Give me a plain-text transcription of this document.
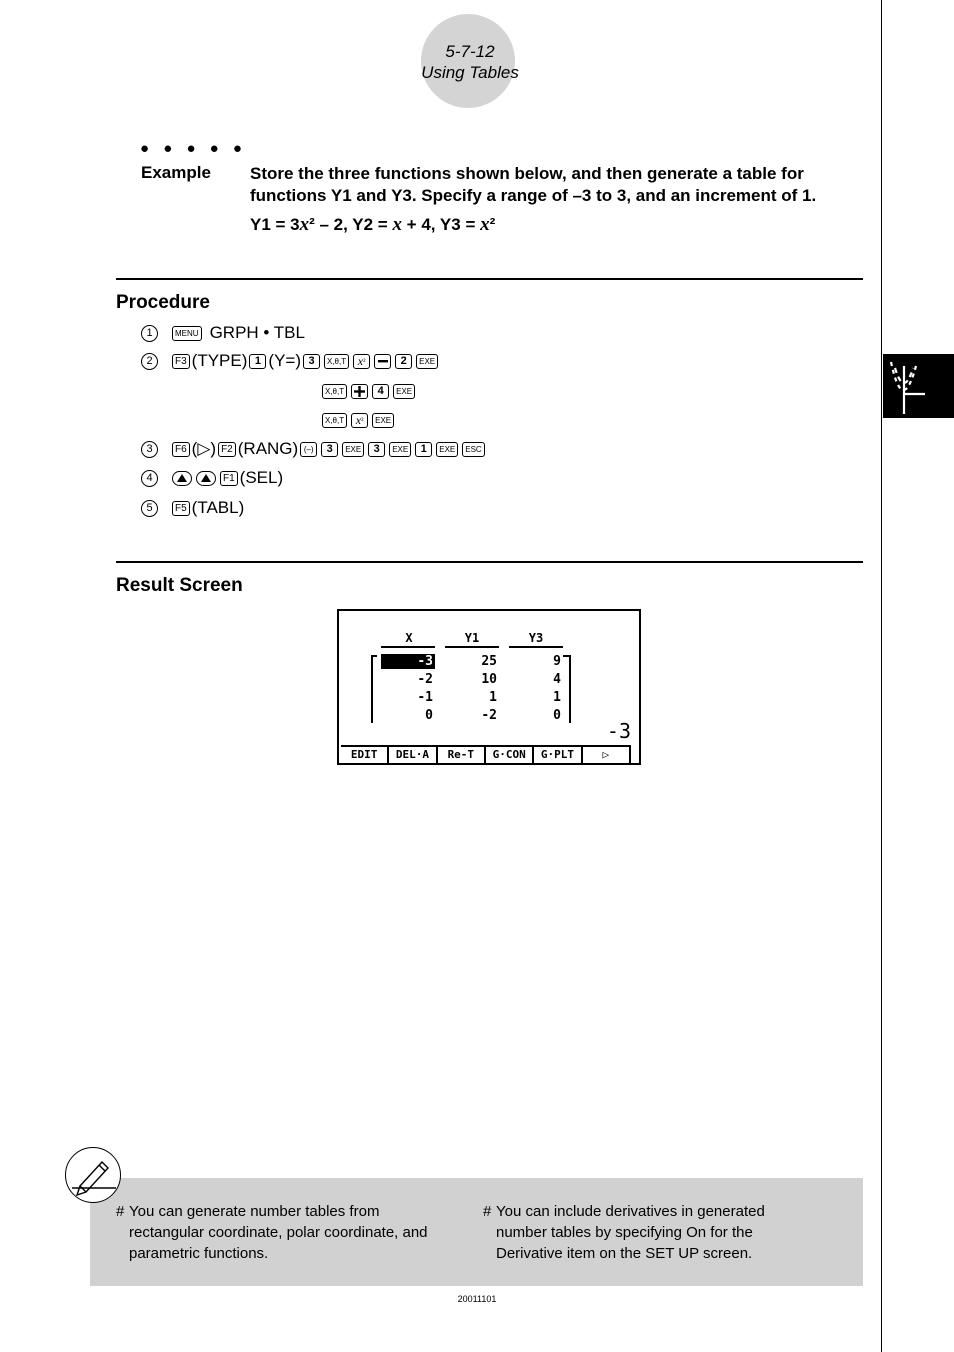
5-7-12
Using Tables
● ● ● ● ●
Example Store the three functions shown below, and then generate a table for functions Y1 and Y3. Specify a range of –3 to 3, and an increment of 1.
Y1 = 3x² – 2, Y2 = x + 4, Y3 = x²
Procedure
1	MENU GRPH • TBL
2	F3 (TYPE) 1 (Y=) 3	X,θ,T x ²	2	EXE
X,θ,T	4	EXE
X,θ,T x ²	EXE
3	F6 (▷) F2 (RANG) (–)	3	EXE	3	EXE	1	EXE	ESC
4	F1 (SEL)
5	F5 (TABL)
Result Screen
X	Y1	Y3
-3	25	9
-2	10	4
-1	1	1
0	-2	0
-3
EDIT	DEL·A	Re-T	G·CON	G·PLT	▷
# You can generate number tables from
rectangular coordinate, polar coordinate, and
parametric functions.
# You can include derivatives in generated
number tables by specifying On for the
Derivative item on the SET UP screen.
20011101
